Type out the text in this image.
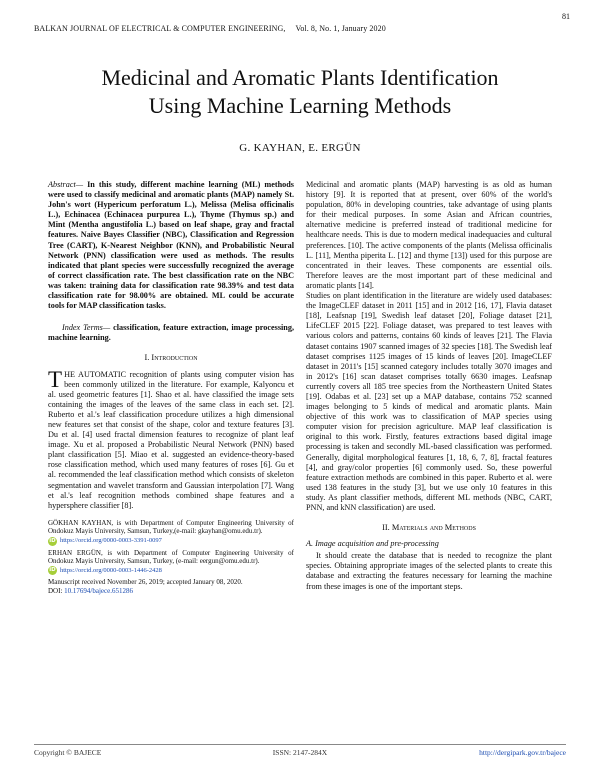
81
BALKAN JOURNAL OF ELECTRICAL & COMPUTER ENGINEERING, Vol. 8, No. 1, January 2020
Medicinal and Aromatic Plants Identification
Using Machine Learning Methods
G. KAYHAN, E. ERGÜN

Abstract— In this study, different machine learning (ML) methods were used to classify medicinal and aromatic plants (MAP) namely St. John's wort (Hypericum perforatum L.), Melissa (Melisa officinalis L.), Echinacea (Echinacea purpurea L.), Thyme (Thymus sp.) and Mint (Mentha angustifolia L.) based on leaf shape, gray and fractal features. Naive Bayes Classifier (NBC), Classification and Regression Tree (CART), K-Nearest Neighbor (KNN), and Probabilistic Neural Network (PNN) classification were used as methods. The results indicated that plant species were successfully recognized the average of correct classification rate. The best classification rate on the NBC was taken: training data for classification rate 98.39% and test data classification rate for 98.00% are obtained. ML could be accurate tools for MAP classification tasks.

Index Terms— classification, feature extraction, image processing, machine learning.

I. Introduction

THE AUTOMATIC recognition of plants using computer vision has been commonly utilized in the literature. For example, Kalyoncu et al. used geometric features [1]. Shao et al. have classified the image sets containing the images of the leaves of the same class in each set. [2]. Ruberto et al.'s leaf classification procedure utilizes a high dimensional new features set that consist of the shape, color and texture features [3]. Du et al. [4] used fractal dimension features to recognize of plant leaf image. Xu et al. proposed a Probabilistic Neural Network (PNN) based plant classification [5]. Miao et al. suggested an evidence-theory-based rose classification method, which used many features of roses [6]. Gu et al. recommended the leaf classification method which consists of skeleton segmentation and wavelet transform and Gaussian interpolation [7]. Wang et al.'s leaf recognition methods combined shape features and a hypersphere classifier [8].

GÖKHAN KAYHAN, is with Department of Computer Engineering University of Ondokuz Mayis University, Samsun, Turkey,(e-mail: gkayhan@omu.edu.tr).
iD https://orcid.org/0000-0003-3391-0097
ERHAN ERGÜN, is with Department of Computer Engineering University of Ondokuz Mayis University, Samsun, Turkey, (e-mail: eergun@omu.edu.tr).
iD https://orcid.org/0000-0003-1446-2428
Manuscript received November 26, 2019; accepted January 08, 2020.
DOI: 10.17694/bajece.651286

Medicinal and aromatic plants (MAP) harvesting is as old as human history [9]. It is reported that at present, over 60% of the world's population, 80% in developing countries, take advantage of using plants for their medical purposes. In some Asian and African countries, alternative medicine is preferred instead of traditional medicine for healthcare needs. This is due to modern medical inadequacies and cultural preferences. [10]. The active components of the plants (Melissa officinalis L. [11], Mentha piperita L. [12] and thyme [13]) used for this purpose are concentrated in their leaves. These components are essential oils. Therefore leaves are the most important part of these medicinal and aromatic plants [14].

Studies on plant identification in the literature are widely used databases: the ImageCLEF dataset in 2011 [15] and in 2012 [16, 17], Flavia dataset [18], Leafsnap [19], Swedish leaf dataset [20], Foliage dataset [21], LifeCLEF 2015 [22]. Foliage dataset, was prepared to test leaves with various colors and patterns, contains 60 kinds of leaves [21]. The Flavia dataset contains 1907 scanned images of 32 species [18]. The Swedish leaf dataset comprises 1125 images of 15 kinds of leaves [20]. ImageCLEF dataset in 2011's [15] scanned category includes totally 3070 images and in 2012's [16] scan dataset comprises totally 6630 images. Leafsnap currently covers all 185 tree species from the Northeastern United States [19]. Odabas et al. [23] set up a MAP database, contains 752 scanned images belonging to 5 kinds of medical and aromatic plants. Main objective of this work was to classification of MAP species using computer vision for precision agriculture. MAP leaf classification is original to this work. Firstly, features extractions based digital image processing is taken and secondly ML-based classification was performed. Generally, digital morphological features [1, 18, 6, 7, 8], fractal features [4], and gray/color properties [6] commonly used. So, these powerful feature extraction methods are combined in this paper. Ruberto et al. were used 138 features in the study [3], but we use only 10 features in this study. As plant classifier methods, different ML methods (NBC, CART, PNN, and kNN classification) are used.

II. Materials and Methods
A. Image acquisition and pre-processing

It should create the database that is needed to recognize the plant species. Obtaining appropriate images of the selected plants to create this database and extracting the features necessary for learning the machine from these images is one of the important steps.

ISSN: 2147-284X
Copyright © BAJECE	http://dergipark.gov.tr/bajece
